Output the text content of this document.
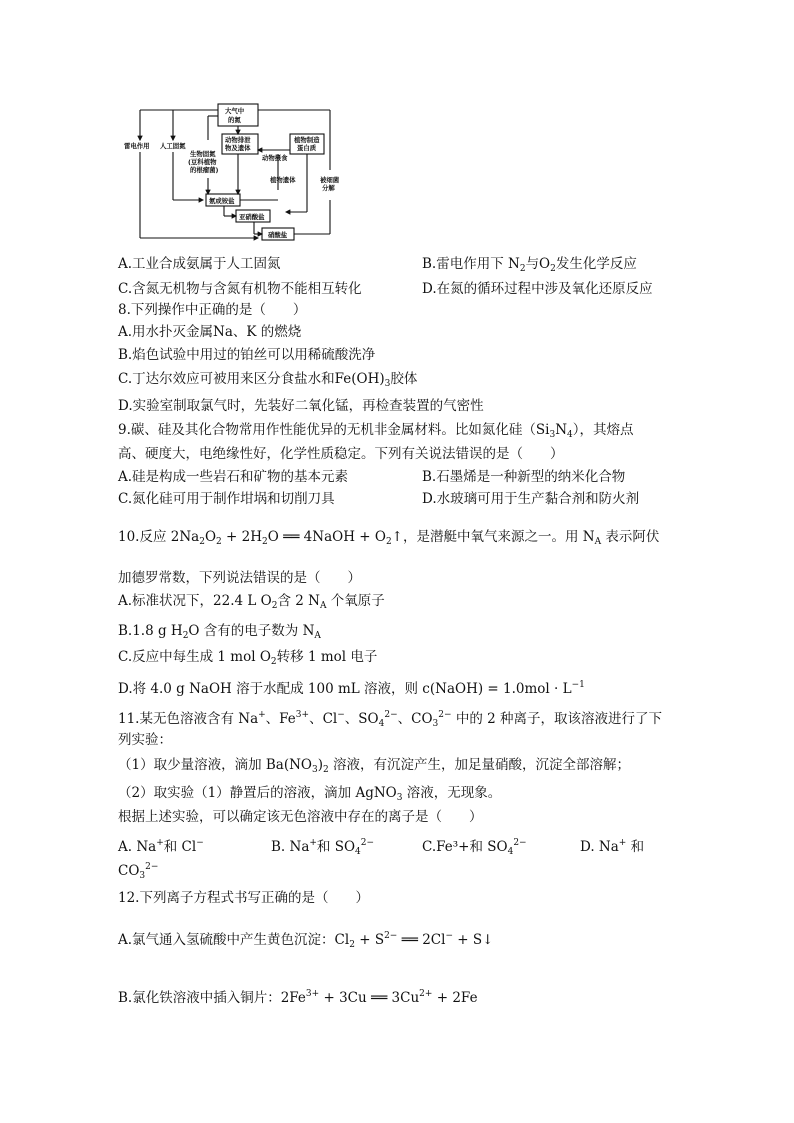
大气中
的氮
雷电作用 人工固氮
动物排泄
物及遗体
植物制造
蛋白质
动物摄食
生物固氮
(豆科植物
的根瘤菌)
植物遗体	被细菌
分解
氨或铵盐
亚硝酸盐
硝酸盐
A.工业合成氨属于人工固氮	B.雷电作用下 $N_2$与$O_2$发生化学反应
C.含氮无机物与含氮有机物不能相互转化	D.在氮的循环过程中涉及氧化还原反应
8.下列操作中正确的是（　　）
A.用水扑灭金属Na、K 的燃烧
B.焰色试验中用过的铂丝可以用稀硫酸洗净
C.丁达尔效应可被用来区分食盐水和$Fe(OH)_3$胶体
D.实验室制取氯气时，先装好二氧化锰，再检查装置的气密性
9.碳、硅及其化合物常用作性能优异的无机非金属材料。比如氮化硅$(Si_3N_4)$，其熔点
高、硬度大，电绝缘性好，化学性质稳定。下列有关说法错误的是（　　）
A.硅是构成一些岩石和矿物的基本元素	B.石墨烯是一种新型的纳米化合物
C.氮化硅可用于制作坩埚和切削刀具	D.水玻璃可用于生产黏合剂和防火剂
10.反应 $2Na_2O_2 + 2H_2O$ ══ 4NaOH + $O_2↑$，是潜艇中氧气来源之一。用 $N_A$ 表示阿伏
加德罗常数，下列说法错误的是（　　）
A.标准状况下，22.4 L $O_2$含 2 $N_A$ 个氧原子
B.1.8 g $H_2O$ 含有的电子数为 $N_A$
C.反应中每生成 1 mol $O_2$转移 1 mol 电子
D.将 4.0 g NaOH 溶于水配成 100 mL 溶液，则 c(NaOH) = $1.0mol \cdot L^{-1}$
11.某无色溶液含有 Na+、$Fe^{3+}$、Cl−、$SO_4^{2-}$、$CO_3^{2-}$ 中的 2 种离子，取该溶液进行了下
列实验：
（1）取少量溶液，滴加 $Ba(NO_3)_2$ 溶液，有沉淀产生，加足量硝酸，沉淀全部溶解；
（2）取实验（1）静置后的溶液，滴加 AgNO$_3$ 溶液，无现象。
根据上述实验，可以确定该无色溶液中存在的离子是（　　）
A. Na+和 Cl−	B. Na+和 $SO_4^{2-}$	C.Fe³+和 $SO_4^{2-}$	D. Na+ 和
$CO_3^{2-}$
12.下列离子方程式书写正确的是（　　）
A.氯气通入氢硫酸中产生黄色沉淀：$Cl_2 + S^{2-}$ ══ 2Cl− + S↓
B.氯化铁溶液中插入铜片：$2Fe^{3+} + 3Cu$ ══ $3Cu^{2+} + 2Fe$
